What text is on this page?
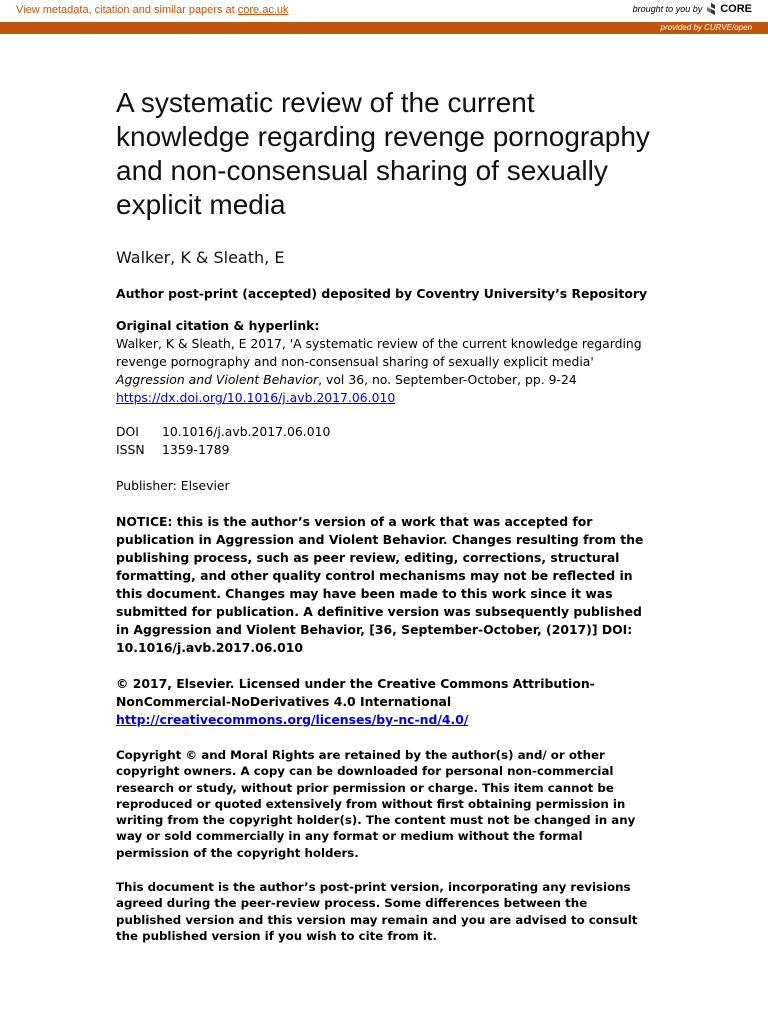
View metadata, citation and similar papers at core.ac.uk	brought to you by CORE
provided by CURVE/open
A systematic review of the current knowledge regarding revenge pornography and non-consensual sharing of sexually explicit media
Walker, K & Sleath, E
Author post-print (accepted) deposited by Coventry University’s Repository
Original citation & hyperlink:
Walker, K & Sleath, E 2017, 'A systematic review of the current knowledge regarding revenge pornography and non-consensual sharing of sexually explicit media' Aggression and Violent Behavior, vol 36, no. September-October, pp. 9-24
https://dx.doi.org/10.1016/j.avb.2017.06.010
DOI	10.1016/j.avb.2017.06.010
ISSN	1359-1789
Publisher: Elsevier
NOTICE: this is the author’s version of a work that was accepted for publication in Aggression and Violent Behavior. Changes resulting from the publishing process, such as peer review, editing, corrections, structural formatting, and other quality control mechanisms may not be reflected in this document. Changes may have been made to this work since it was submitted for publication. A definitive version was subsequently published in Aggression and Violent Behavior, [36, September-October, (2017)] DOI: 10.1016/j.avb.2017.06.010
© 2017, Elsevier. Licensed under the Creative Commons Attribution-NonCommercial-NoDerivatives 4.0 International
http://creativecommons.org/licenses/by-nc-nd/4.0/
Copyright © and Moral Rights are retained by the author(s) and/ or other copyright owners. A copy can be downloaded for personal non-commercial research or study, without prior permission or charge. This item cannot be reproduced or quoted extensively from without first obtaining permission in writing from the copyright holder(s). The content must not be changed in any way or sold commercially in any format or medium without the formal permission of the copyright holders.
This document is the author’s post-print version, incorporating any revisions agreed during the peer-review process. Some differences between the published version and this version may remain and you are advised to consult the published version if you wish to cite from it.
